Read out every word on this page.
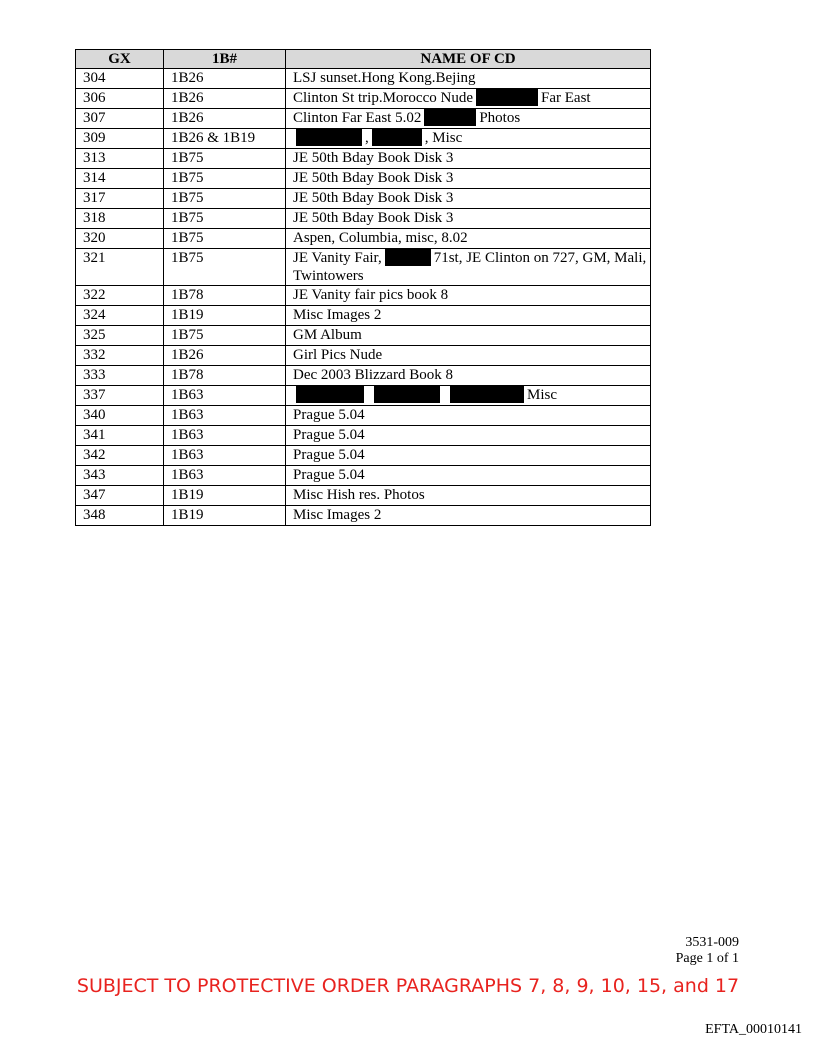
GX	1B#	NAME OF CD
304	1B26	LSJ sunset.Hong Kong.Bejing
306	1B26	Clinton St trip.Morocco Nude Far East
307	1B26	Clinton Far East 5.02 Photos
309	1B26 & 1B19	, , Misc
313	1B75	JE 50th Bday Book Disk 3
314	1B75	JE 50th Bday Book Disk 3
317	1B75	JE 50th Bday Book Disk 3
318	1B75	JE 50th Bday Book Disk 3
320	1B75	Aspen, Columbia, misc, 8.02
321	1B75	JE Vanity Fair, 71st, JE Clinton on 727, GM, Mali, Twintowers
322	1B78	JE Vanity fair pics book 8
324	1B19	Misc Images 2
325	1B75	GM Album
332	1B26	Girl Pics Nude
333	1B78	Dec 2003 Blizzard Book 8
337	1B63	Misc
340	1B63	Prague 5.04
341	1B63	Prague 5.04
342	1B63	Prague 5.04
343	1B63	Prague 5.04
347	1B19	Misc Hish res. Photos
348	1B19	Misc Images 2
3531-009
Page 1 of 1
SUBJECT TO PROTECTIVE ORDER PARAGRAPHS 7, 8, 9, 10, 15, and 17
EFTA_00010141
